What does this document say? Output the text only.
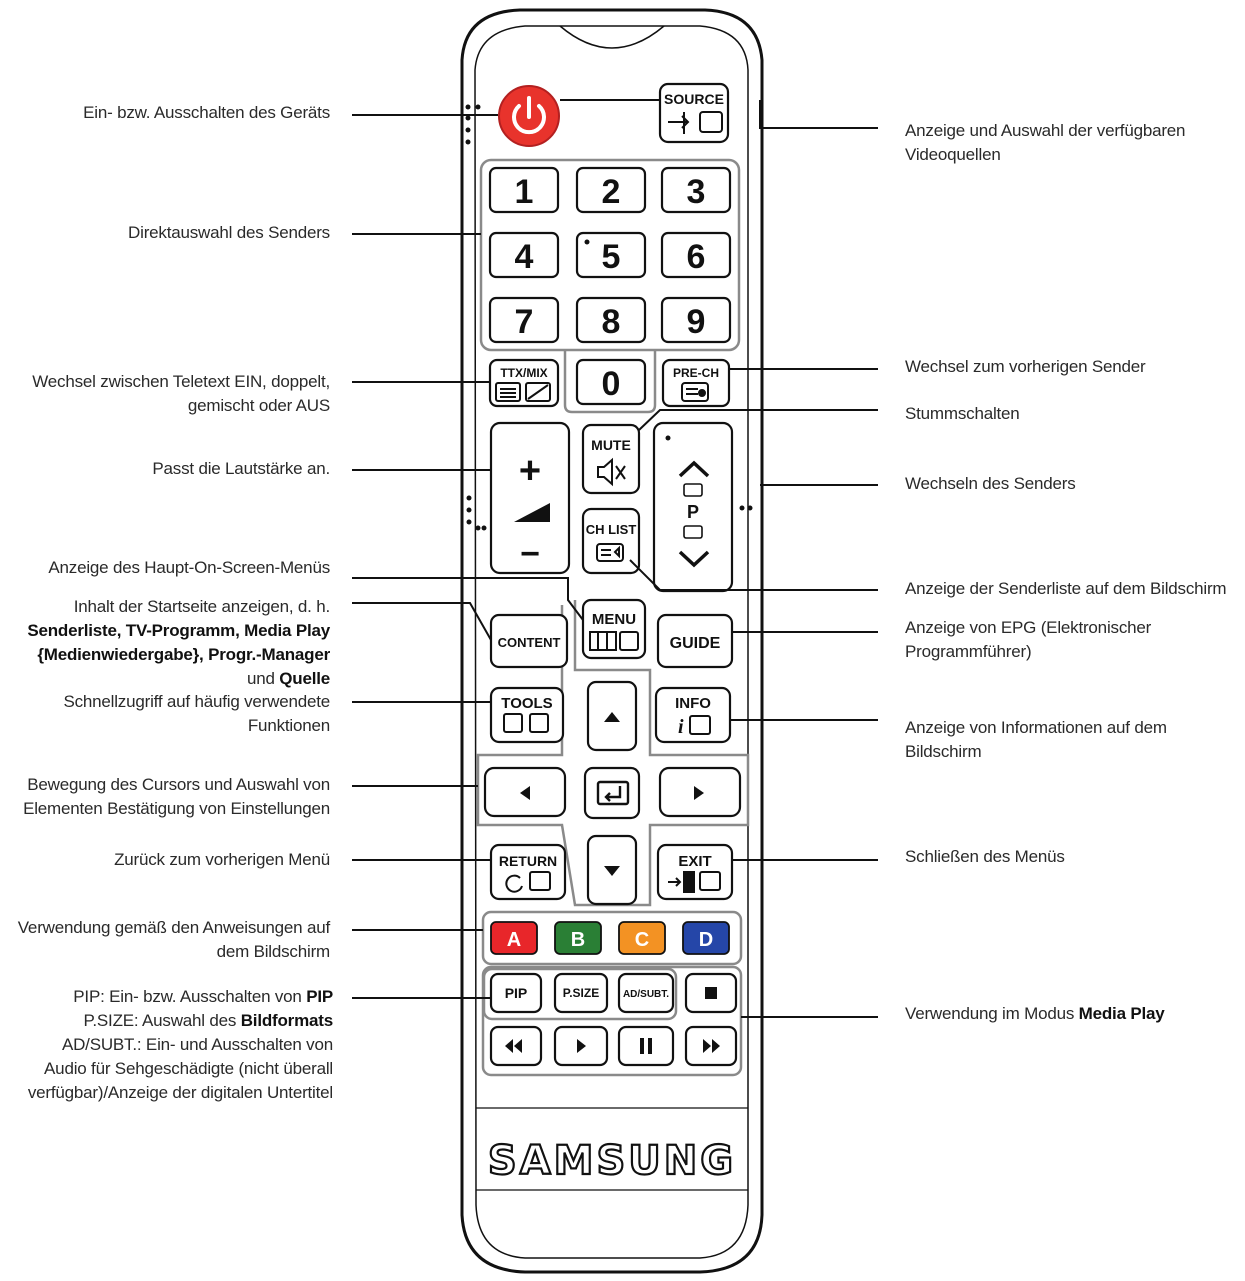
SOURCE
1 2 3
4 5 6
7 8 9
0
TTX/MIX	PRE-CH
+
−
P
MUTE
CH LIST
CONTENT
MENU
GUIDE
TOOLS	INFO
i
RETURN	EXIT
A B C D
PIP	P.SIZE AD/SUBT.
SAMSUNG
Ein- bzw. Ausschalten des Geräts
Direktauswahl des Senders
Wechsel zwischen Teletext EIN, doppelt,
gemischt oder AUS
Passt die Lautstärke an.
Anzeige des Haupt-On-Screen-Menüs
Inhalt der Startseite anzeigen, d. h.
Senderliste, TV-Programm, Media Play
{Medienwiedergabe}, Progr.-Manager
und Quelle
Schnellzugriff auf häufig verwendete
Funktionen
Bewegung des Cursors und Auswahl von
Elementen Bestätigung von Einstellungen
Zurück zum vorherigen Menü
Verwendung gemäß den Anweisungen auf
dem Bildschirm
PIP: Ein- bzw. Ausschalten von PIP
P.SIZE: Auswahl des Bildformats
AD/SUBT.: Ein- und Ausschalten von
Audio für Sehgeschädigte (nicht überall
verfügbar)/Anzeige der digitalen Untertitel
Anzeige und Auswahl der verfügbaren
Videoquellen
Wechsel zum vorherigen Sender
Stummschalten
Wechseln des Senders
Anzeige der Senderliste auf dem Bildschirm
Anzeige von EPG (Elektronischer
Programmführer)
Anzeige von Informationen auf dem
Bildschirm
Schließen des Menüs
Verwendung im Modus Media Play
